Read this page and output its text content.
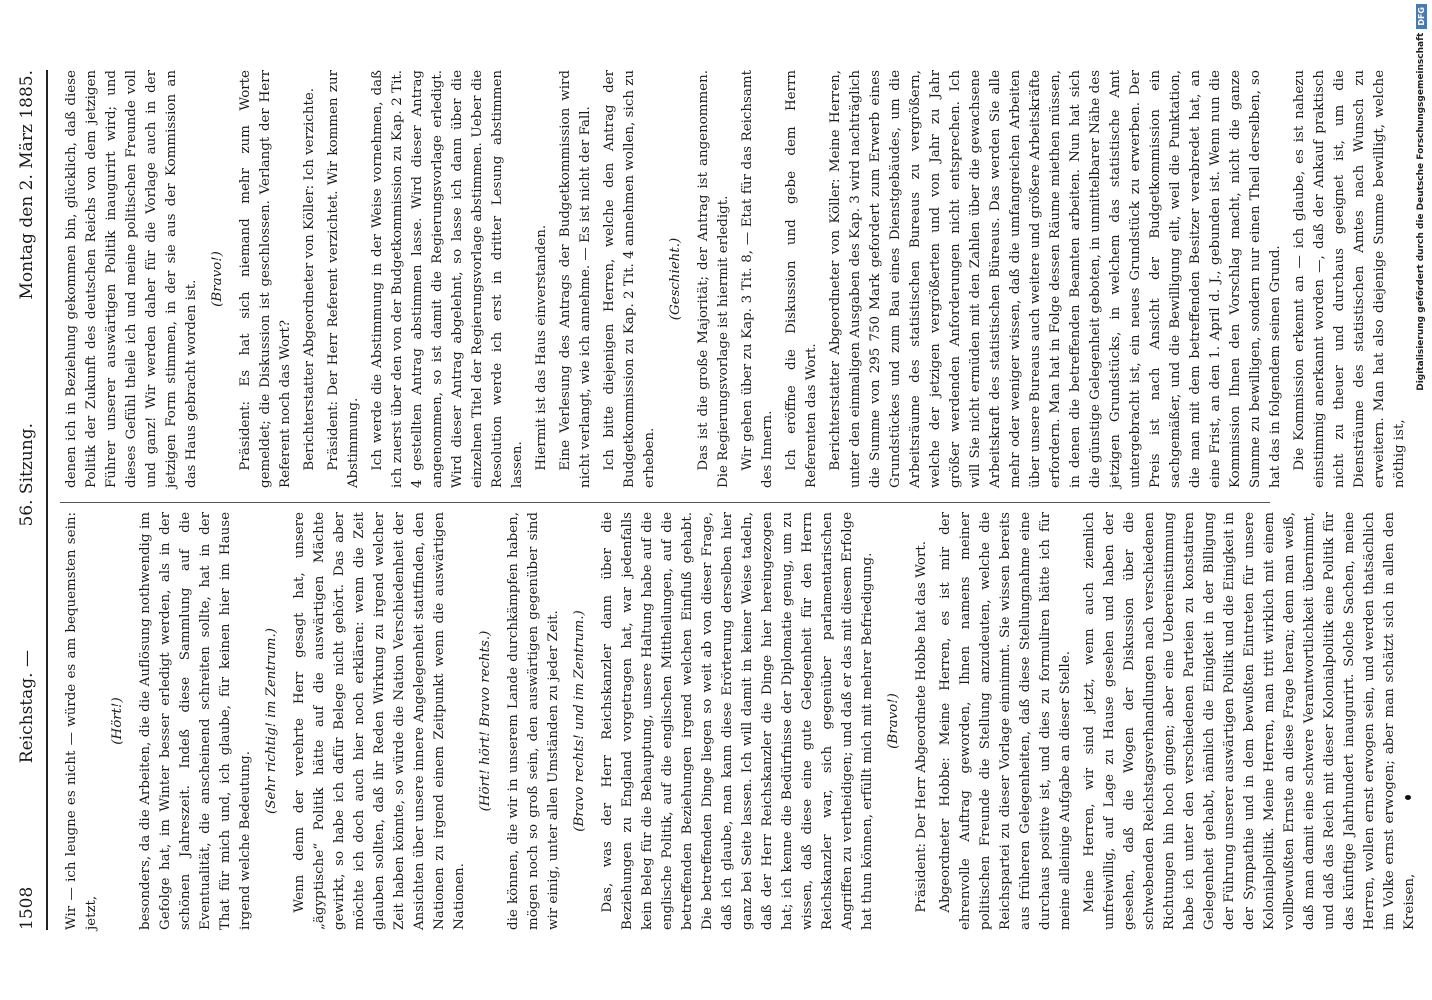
1508
Reichstag. —
56. Sitzung.
Montag den 2. März 1885.

Wir — ich leugne es nicht — würde es am bequemsten sein: jetzt,

(Hört!) besonders, da die Arbeiten, die die Auflösung nothwendig im Gefolge hat, im Winter besser erledigt werden, als in der schönen Jahreszeit. Indeß diese Sammlung auf die Eventualität, die anscheinend schreiten sollte, hat in der That für mich und, ich glaube, für keinen hier im Hause irgend welche Bedeutung.

(Sehr richtig! im Zentrum.) Wenn denn der verehrte Herr gesagt hat, unsere „ägyptische“ Politik hätte auf die auswärtigen Mächte gewirkt, so habe ich dafür Belege nicht gehört. Das aber möchte ich doch auch hier noch erklären: wenn die Zeit glauben sollten, daß ihr Reden Wirkung zu irgend welcher Zeit haben könnte, so würde die Nation Verschiedenheit der Ansichten über unsere innere Angelegenheit stattfinden, den Nationen zu irgend einem Zeitpunkt wenn die auswärtigen Nationen.

(Hört! hört! Bravo rechts.) die können, die wir in unserem Lande durchkämpfen haben, mögen noch so groß sein, den auswärtigen gegenüber sind wir einig, unter allen Umständen zu jeder Zeit. (Bravo rechts! und im Zentrum.) Das, was der Herr Reichskanzler dann über die Beziehungen zu England vorgetragen hat, war jedenfalls kein Beleg für die Behauptung, unsere Haltung habe auf die englische Politik, auf die englischen Mittheilungen, auf die betreffenden Beziehungen irgend welchen Einfluß gehabt. Die betreffenden Dinge liegen so weit ab von dieser Frage, daß ich glaube, man kann diese Erörterung derselben hier ganz bei Seite lassen. Ich will damit in keiner Weise tadeln, daß der Herr Reichskanzler die Dinge hier hereingezogen hat; ich kenne die Bedürfnisse der Diplomatie genug, um zu wissen, daß diese eine gute Gelegenheit für den Herrn Reichskanzler war, sich gegenüber parlamentarischen Angriffen zu vertheidigen; und daß er das mit diesem Erfolge hat thun können, erfüllt mich mit mehrer Befriedigung. (Bravo!) Präsident: Der Herr Abgeordnete Hobbe hat das Wort. Abgeordneter Hobbe: Meine Herren, es ist mir der ehrenvolle Auftrag geworden, Ihnen namens meiner politischen Freunde die Stellung anzudeuten, welche die Reichspartei zu dieser Vorlage einnimmt. Sie wissen bereits aus früheren Gelegenheiten, daß diese Stellungnahme eine durchaus positive ist, und dies zu formuliren hätte ich für meine alleinige Aufgabe an dieser Stelle. Meine Herren, wir sind jetzt, wenn auch ziemlich unfreiwillig, auf Lage zu Hause gesehen und haben der gesehen, daß die Wogen der Diskussion über die schwebenden Reichstagsverhandlungen nach verschiedenen Richtungen hin hoch gingen; aber eine Uebereinstimmung habe ich unter den verschiedenen Parteien zu konstatiren Gelegenheit gehabt, nämlich die Einigkeit in der Billigung der Führung unserer auswärtigen Politik und die Einigkeit in der Sympathie und in dem bewußten Eintreten für unsere Kolonialpolitik. Meine Herren, man tritt wirklich mit einem vollbewußten Ernste an diese Frage heran; denn man weiß, daß man damit eine schwere Verantwortlichkeit übernimmt, und daß das Reich mit dieser Kolonialpolitik eine Politik für das künftige Jahrhundert inaugurirt. Solche Sachen, meine Herren, wollen ernst erwogen sein, und werden thatsächlich im Volke ernst erwogen; aber man schätzt sich in allen den Kreisen,

denen ich in Beziehung gekommen bin, glücklich, daß diese Politik der Zukunft des deutschen Reichs von dem jetzigen Führer unserer auswärtigen Politik inaugurirt wird; und dieses Gefühl theile ich und meine politischen Freunde voll und ganz! Wir werden daher für die Vorlage auch in der jetzigen Form stimmen, in der sie aus der Kommission an das Haus gebracht worden ist.

(Bravo!) Präsident: Es hat sich niemand mehr zum Worte gemeldet; die Diskussion ist geschlossen. Verlangt der Herr Referent noch das Wort? Berichterstatter Abgeordneter von Köller: Ich verzichte. Präsident: Der Herr Referent verzichtet. Wir kommen zur Abstimmung. Ich werde die Abstimmung in der Weise vornehmen, daß ich zuerst über den von der Budgetkommission zu Kap. 2 Tit. 4 gestellten Antrag abstimmen lasse. Wird dieser Antrag angenommen, so ist damit die Regierungsvorlage erledigt. Wird dieser Antrag abgelehnt, so lasse ich dann über die einzelnen Titel der Regierungsvorlage abstimmen. Ueber die Resolution werde ich erst in dritter Lesung abstimmen lassen. Hiermit ist das Haus einverstanden. Eine Verlesung des Antrags der Budgetkommission wird nicht verlangt, wie ich annehme. — Es ist nicht der Fall. Ich bitte diejenigen Herren, welche den Antrag der Budgetkommission zu Kap. 2 Tit. 4 annehmen wollen, sich zu erheben.

(Geschieht.) Das ist die große Majorität; der Antrag ist angenommen. Die Regierungsvorlage ist hiermit erledigt. Wir gehen über zu Kap. 3 Tit. 8, — Etat für das Reichsamt des Innern. Ich eröffne die Diskussion und gebe dem Herrn Referenten das Wort. Berichterstatter Abgeordneter von Köller: Meine Herren, unter den einmaligen Ausgaben des Kap. 3 wird nachträglich die Summe von 295 750 Mark gefordert zum Erwerb eines Grundstückes und zum Bau eines Dienstgebäudes, um die Arbeitsräume des statistischen Bureaus zu vergrößern, welche der jetzigen vergrößerten und von Jahr zu Jahr größer werdenden Anforderungen nicht entsprechen. Ich will Sie nicht ermüden mit den Zahlen über die gewachsene Arbeitskraft des statistischen Büreaus. Das werden Sie alle mehr oder weniger wissen, daß die umfangreichen Arbeiten über unsere Bureaus auch weitere und größere Arbeitskräfte erfordern. Man hat in Folge dessen Räume miethen müssen, in denen die betreffenden Beamten arbeiten. Nun hat sich die günstige Gelegenheit geboten, in unmittelbarer Nähe des jetzigen Grundstücks, in welchem das statistische Amt untergebracht ist, ein neues Grundstück zu erwerben. Der Preis ist nach Ansicht der Budgetkommission ein sachgemäßer, und die Bewilligung eilt, weil die Punktation, die man mit dem betreffenden Besitzer verabredet hat, an eine Frist, an den 1. April d. J., gebunden ist. Wenn nun die Kommission Ihnen den Vorschlag macht, nicht die ganze Summe zu bewilligen, sondern nur einen Theil derselben, so hat das in folgendem seinen Grund. Die Kommission erkennt an — ich glaube, es ist nahezu einstimmig anerkannt worden —, daß der Ankauf praktisch nicht zu theuer und durchaus geeignet ist, um die Diensträume des statistischen Amtes nach Wunsch zu erweitern. Man hat also diejenige Summe bewilligt, welche nöthig ist,

Digitalisierung gefördert durch die Deutsche Forschungsgemeinschaft
DFG
